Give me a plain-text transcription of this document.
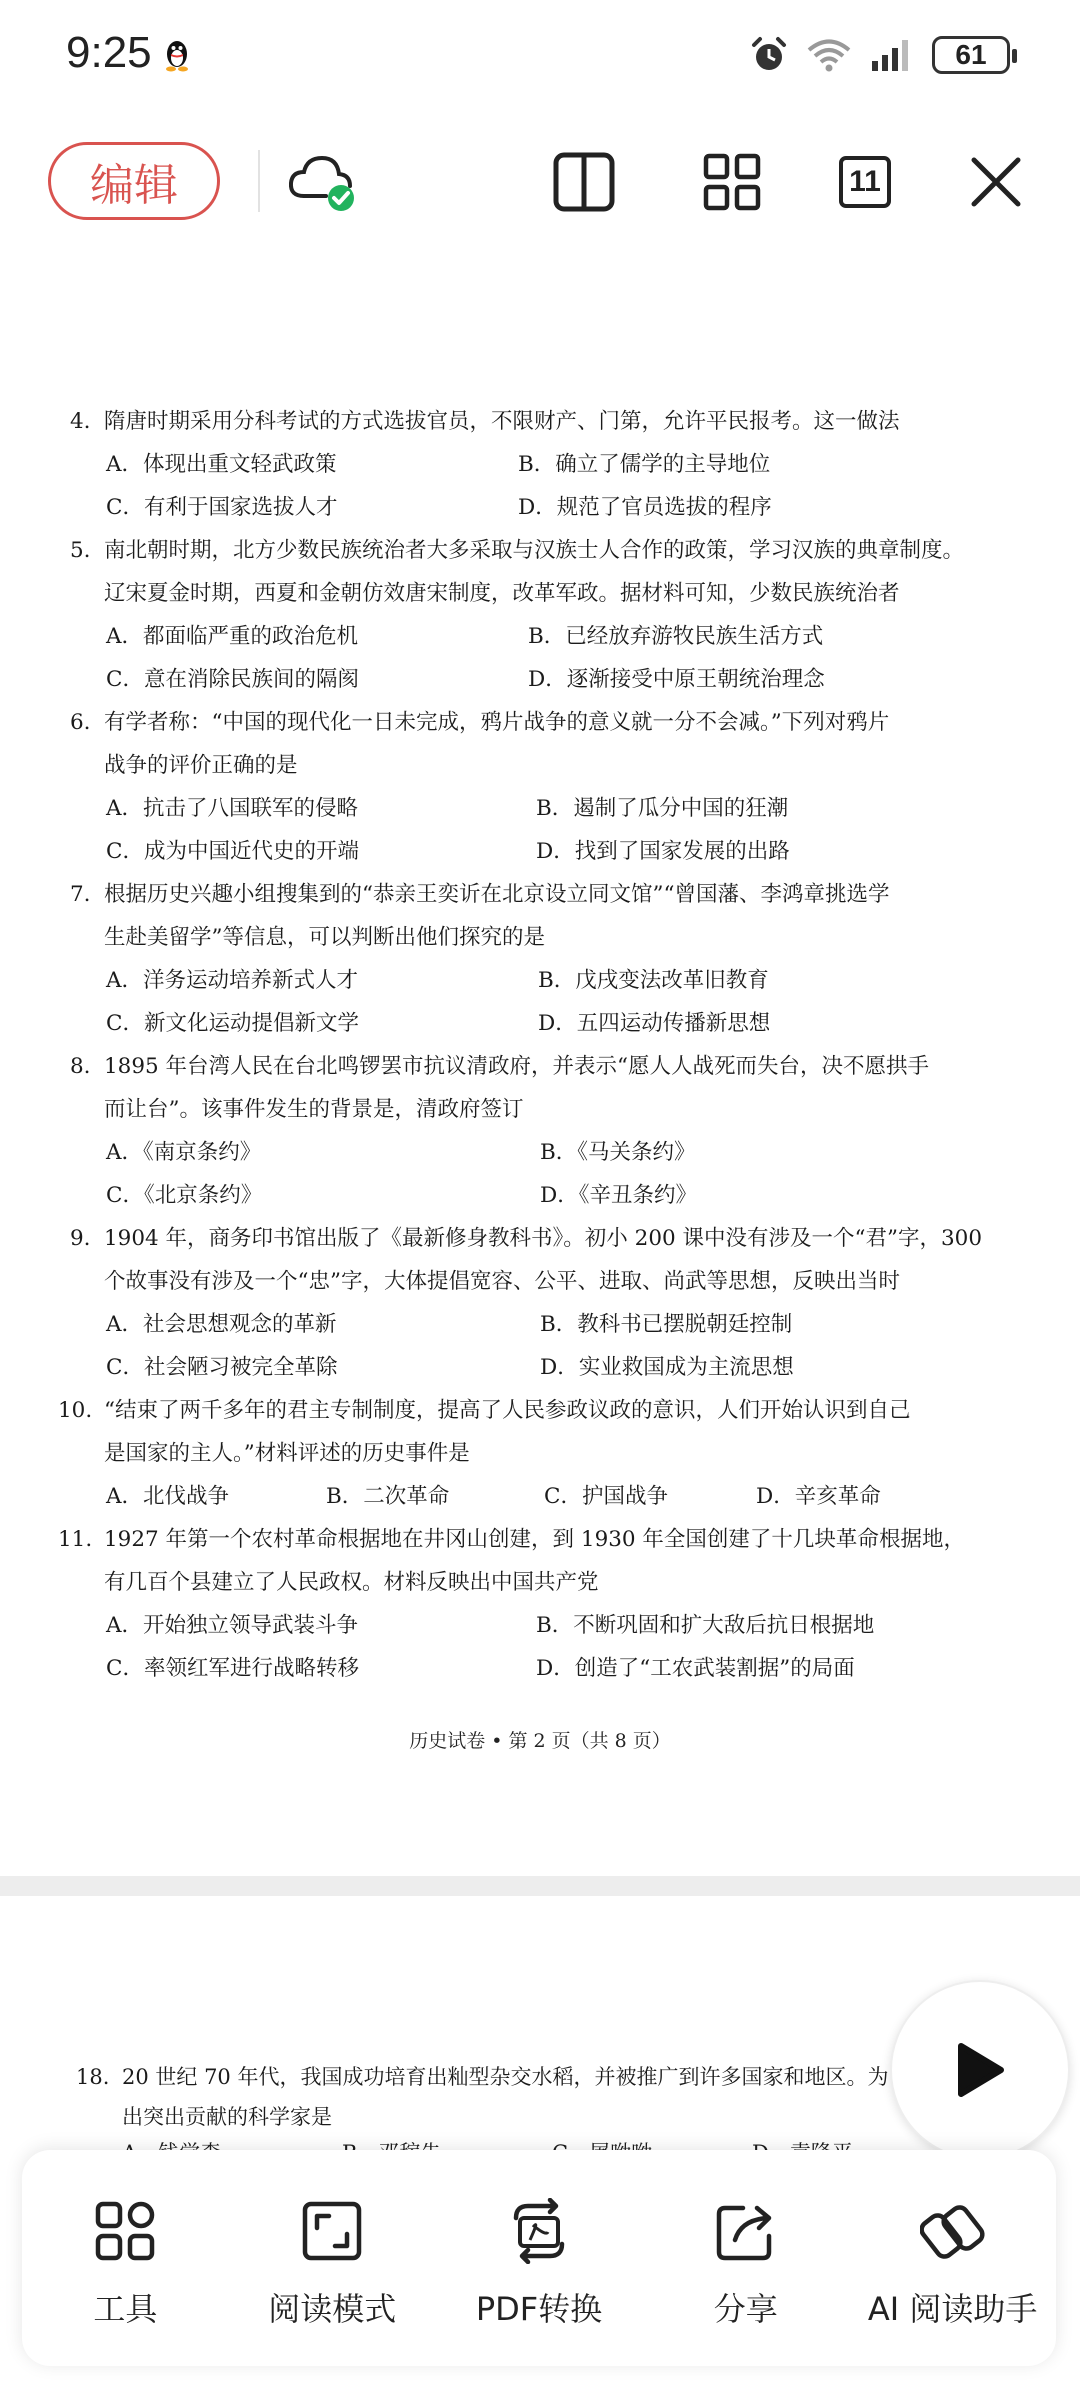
9:25	61
编辑	11
4. 隋唐时期采用分科考试的方式选拔官员，不限财产、门第，允许平民报考。这一做法
A．体现出重文轻武政策	B．确立了儒学的主导地位
C．有利于国家选拔人才	D．规范了官员选拔的程序
5. 南北朝时期，北方少数民族统治者大多采取与汉族士人合作的政策，学习汉族的典章制度。
辽宋夏金时期，西夏和金朝仿效唐宋制度，改革军政。据材料可知，少数民族统治者
A．都面临严重的政治危机	B．已经放弃游牧民族生活方式
C．意在消除民族间的隔阂	D．逐渐接受中原王朝统治理念
6. 有学者称：“中国的现代化一日未完成，鸦片战争的意义就一分不会减。”下列对鸦片
战争的评价正确的是
A．抗击了八国联军的侵略	B．遏制了瓜分中国的狂潮
C．成为中国近代史的开端	D．找到了国家发展的出路
7. 根据历史兴趣小组搜集到的“恭亲王奕䜣在北京设立同文馆”“曾国藩、李鸿章挑选学
生赴美留学”等信息，可以判断出他们探究的是
A．洋务运动培养新式人才	B．戊戌变法改革旧教育
C．新文化运动提倡新文学	D．五四运动传播新思想
8. 1895 年台湾人民在台北鸣锣罢市抗议清政府，并表示“愿人人战死而失台，决不愿拱手
而让台”。该事件发生的背景是，清政府签订
A．《南京条约》	B．《马关条约》
C．《北京条约》	D．《辛丑条约》
9. 1904 年，商务印书馆出版了《最新修身教科书》。初小 200 课中没有涉及一个“君”字，300
个故事没有涉及一个“忠”字，大体提倡宽容、公平、进取、尚武等思想，反映出当时
A．社会思想观念的革新	B．教科书已摆脱朝廷控制
C．社会陋习被完全革除	D．实业救国成为主流思想
10. “结束了两千多年的君主专制制度，提高了人民参政议政的意识，人们开始认识到自己
是国家的主人。”材料评述的历史事件是
A．北伐战争	B．二次革命	C．护国战争	D．辛亥革命
11. 1927 年第一个农村革命根据地在井冈山创建，到 1930 年全国创建了十几块革命根据地，
有几百个县建立了人民政权。材料反映出中国共产党
A．开始独立领导武装斗争	B．不断巩固和扩大敌后抗日根据地
C．率领红军进行战略转移	D．创造了“工农武装割据”的局面
历史试卷 • 第 2 页（共 8 页）
18. 20 世纪 70 年代，我国成功培育出籼型杂交水稻，并被推广到许多国家和地区。为
出突出贡献的科学家是
工具	阅读模式 PDF转换	分享	AI 阅读助手
